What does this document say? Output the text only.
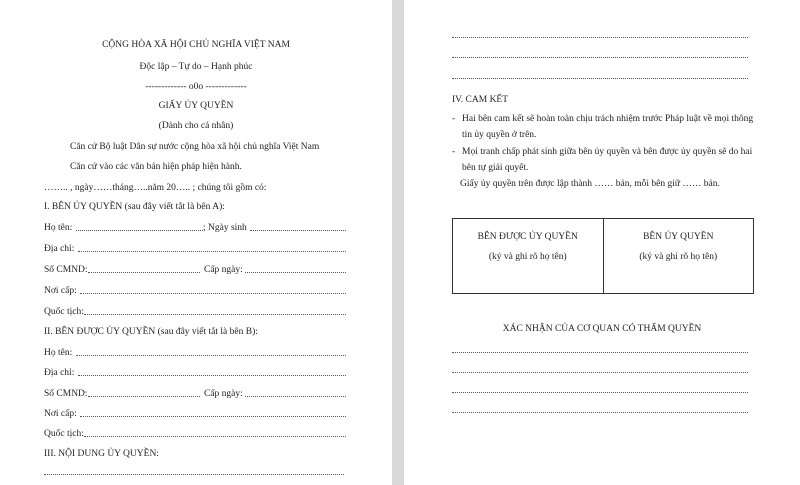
CỘNG HÒA XÃ HỘI CHỦ NGHĨA VIỆT NAM
Độc lập – Tự do – Hạnh phúc
------------- o0o -------------
GIẤY ỦY QUYỀN
(Dành cho cá nhân)
Căn cứ Bộ luật Dân sự nước cộng hòa xã hội chủ nghĩa Việt Nam
Căn cứ vào các văn bản hiện pháp hiện hành.
…….. , ngày……tháng…..năm 20….. ; chúng tôi gồm có:
I. BÊN ỦY QUYỀN (sau đây viết tắt là bên A):
Họ tên:	; Ngày sinh
Địa chỉ:
Số CMND:	Cấp ngày:
Nơi cấp:
Quốc tịch:
II. BÊN ĐƯỢC ỦY QUYỀN (sau đây viết tắt là bên B):
Họ tên:
Địa chỉ:
Số CMND:	Cấp ngày:
Nơi cấp:
Quốc tịch:
III. NỘI DUNG ỦY QUYỀN:
IV. CAM KẾT
- Hai bên cam kết sẽ hoàn toàn chịu trách nhiệm trước Pháp luật về mọi thông tin ủy quyền ở trên.
- Mọi tranh chấp phát sinh giữa bên ủy quyền và bên được ủy quyền sẽ do hai bên tự giải quyết.
Giấy ủy quyền trên được lập thành …… bản, mỗi bên giữ …… bản.
BÊN ĐƯỢC ỦY QUYỀN
(ký và ghi rõ họ tên)
BÊN ỦY QUYỀN
(ký và ghi rõ họ tên)
XÁC NHẬN CỦA CƠ QUAN CÓ THẨM QUYỀN
